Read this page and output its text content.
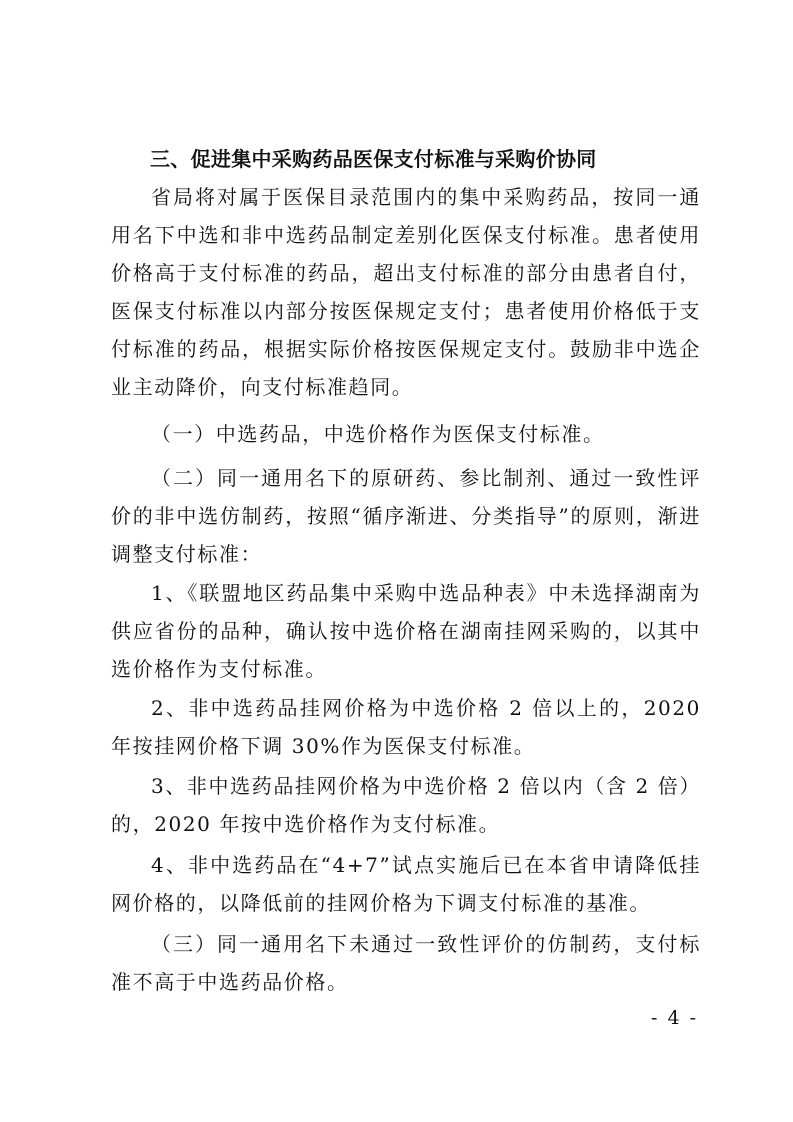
三、促进集中采购药品医保支付标准与采购价协同
省局将对属于医保目录范围内的集中采购药品，按同一通用名下中选和非中选药品制定差别化医保支付标准。患者使用价格高于支付标准的药品，超出支付标准的部分由患者自付，医保支付标准以内部分按医保规定支付；患者使用价格低于支付标准的药品，根据实际价格按医保规定支付。鼓励非中选企业主动降价，向支付标准趋同。
（一）中选药品，中选价格作为医保支付标准。
（二）同一通用名下的原研药、参比制剂、通过一致性评价的非中选仿制药，按照“循序渐进、分类指导”的原则，渐进调整支付标准：
1、《联盟地区药品集中采购中选品种表》中未选择湖南为供应省份的品种，确认按中选价格在湖南挂网采购的，以其中选价格作为支付标准。
2、非中选药品挂网价格为中选价格 2 倍以上的，2020 年按挂网价格下调 30%作为医保支付标准。
3、非中选药品挂网价格为中选价格 2 倍以内（含 2 倍）的，2020 年按中选价格作为支付标准。
4、非中选药品在“4+7”试点实施后已在本省申请降低挂网价格的，以降低前的挂网价格为下调支付标准的基准。
（三）同一通用名下未通过一致性评价的仿制药，支付标准不高于中选药品价格。
- 4 -
